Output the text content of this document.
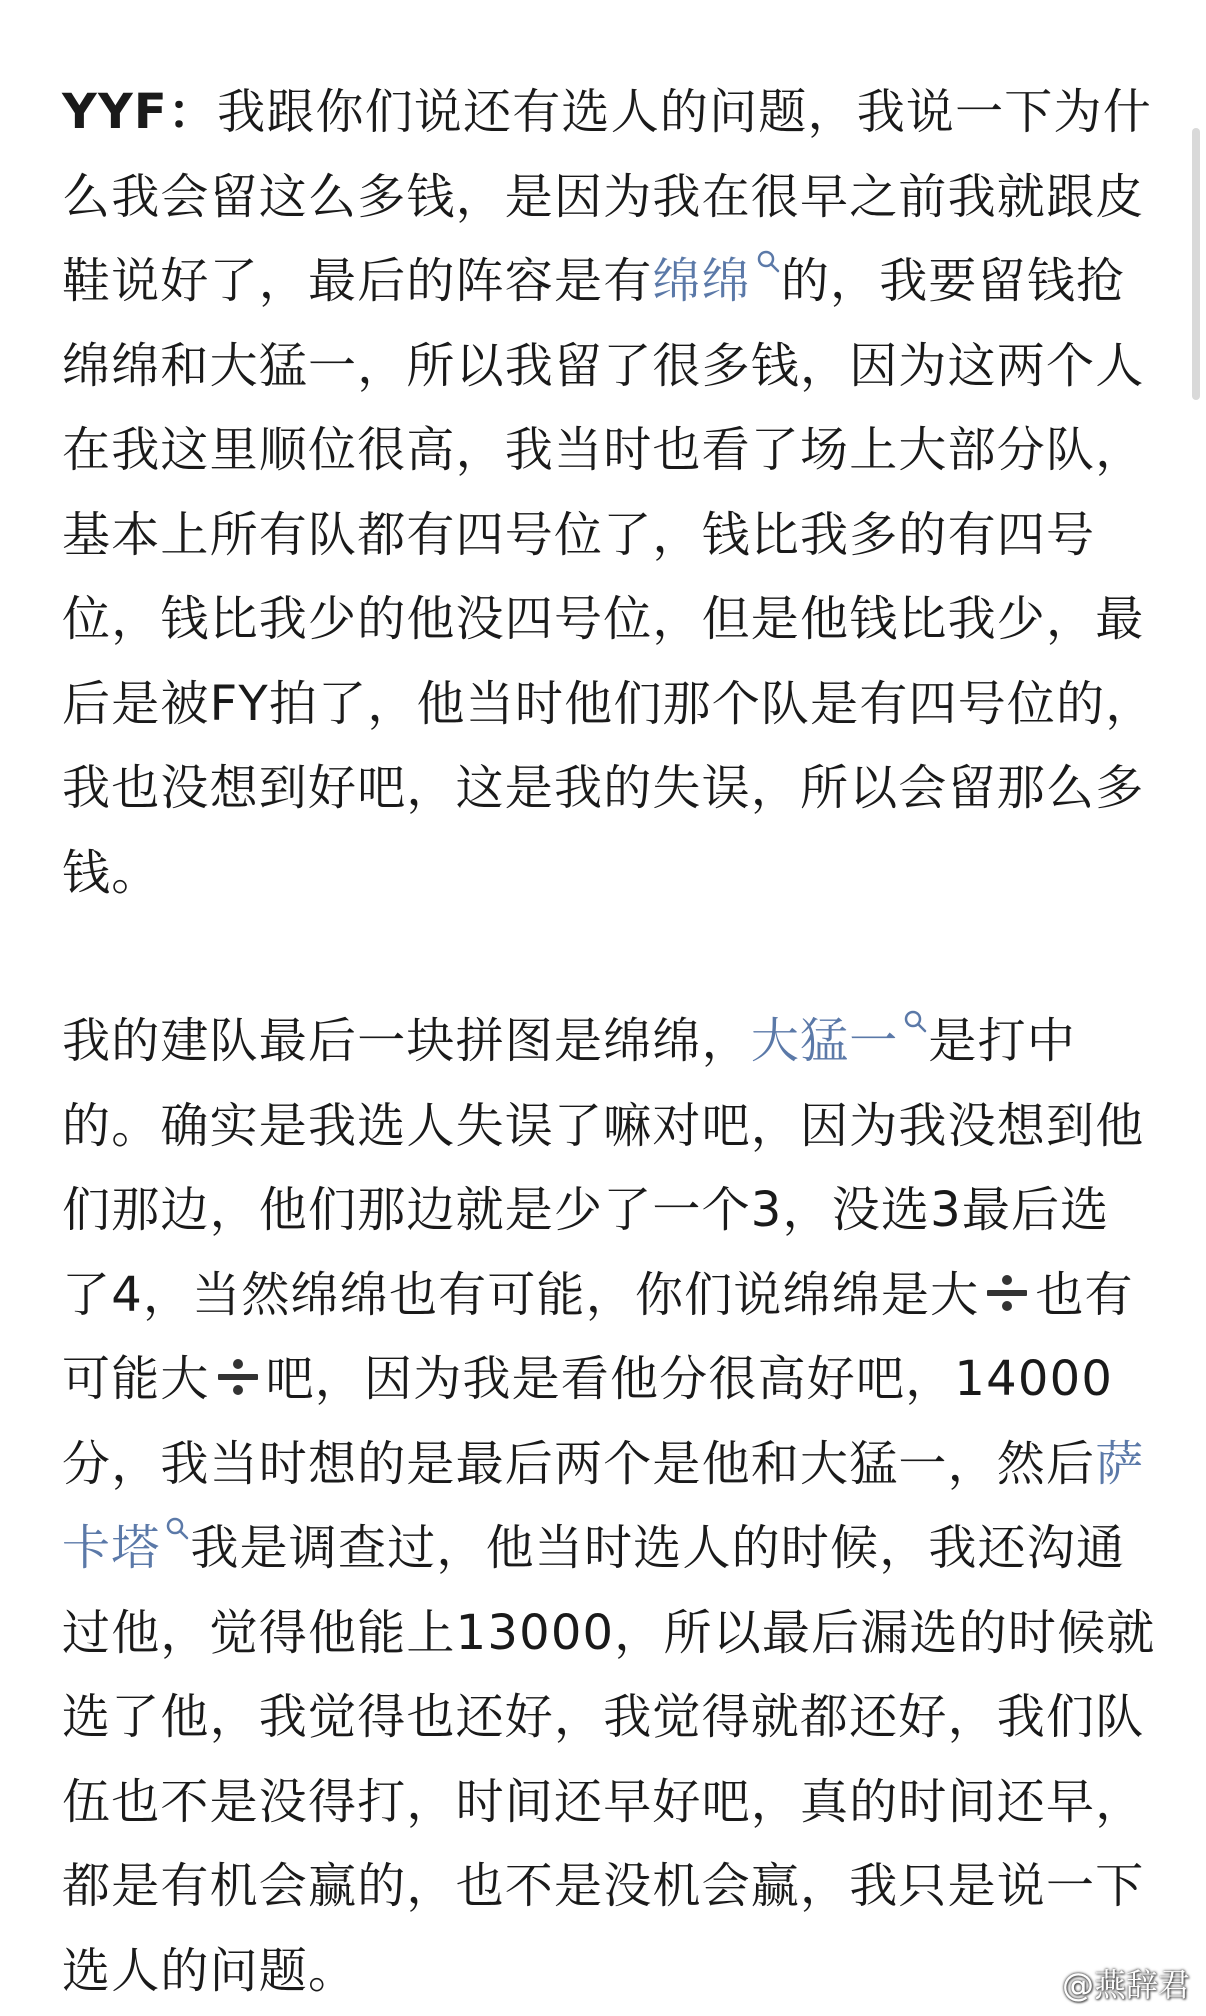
YYF：我跟你们说还有选人的问题，我说一下为什么我会留这么多钱，是因为我在很早之前我就跟皮鞋说好了，最后的阵容是有绵绵 的，我要留钱抢绵绵和大猛一，所以我留了很多钱，因为这两个人在我这里顺位很高，我当时也看了场上大部分队，基本上所有队都有四号位了，钱比我多的有四号位，钱比我少的他没四号位，但是他钱比我少，最后是被FY拍了，他当时他们那个队是有四号位的，我也没想到好吧，这是我的失误，所以会留那么多钱。

我的建队最后一块拼图是绵绵，大猛一 是打中的。确实是我选人失误了嘛对吧，因为我没想到他们那边，他们那边就是少了一个3，没选3最后选了4，当然绵绵也有可能，你们说绵绵是大 也有可能大 吧，因为我是看他分很高好吧，14000分，我当时想的是最后两个是他和大猛一，然后萨卡塔 我是调查过，他当时选人的时候，我还沟通过他，觉得他能上13000，所以最后漏选的时候就选了他，我觉得也还好，我觉得就都还好，我们队伍也不是没得打，时间还早好吧，真的时间还早，都是有机会赢的，也不是没机会赢，我只是说一下选人的问题。	@燕辞君
